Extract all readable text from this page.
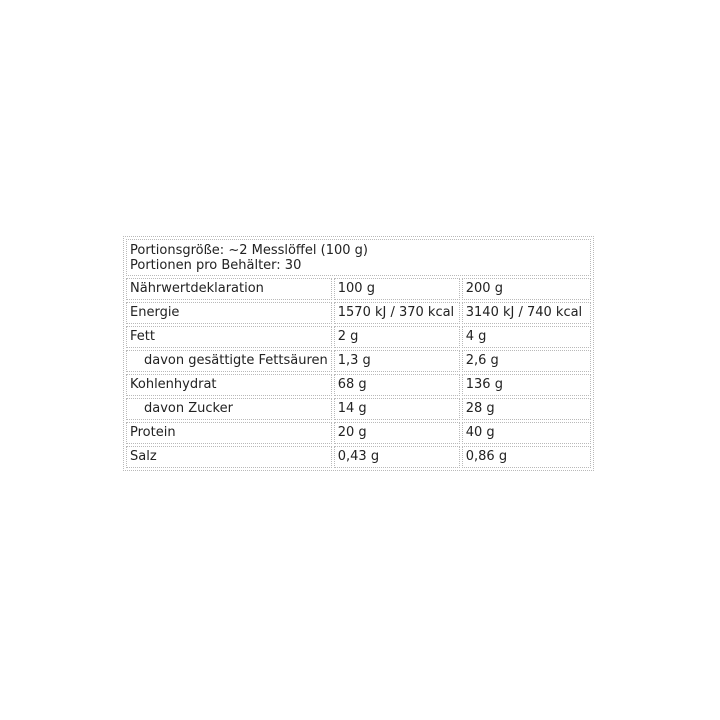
Portionsgröße: ~2 Messlöffel (100 g)
Portionen pro Behälter: 30		

Nährwertdeklaration	100 g	200 g
Energie	1570 kJ / 370 kcal	3140 kJ / 740 kcal
Fett	2 g	4 g
davon gesättigte Fettsäuren	1,3 g	2,6 g
Kohlenhydrat	68 g	136 g
davon Zucker	14 g	28 g
Protein	20 g	40 g
Salz	0,43 g	0,86 g
